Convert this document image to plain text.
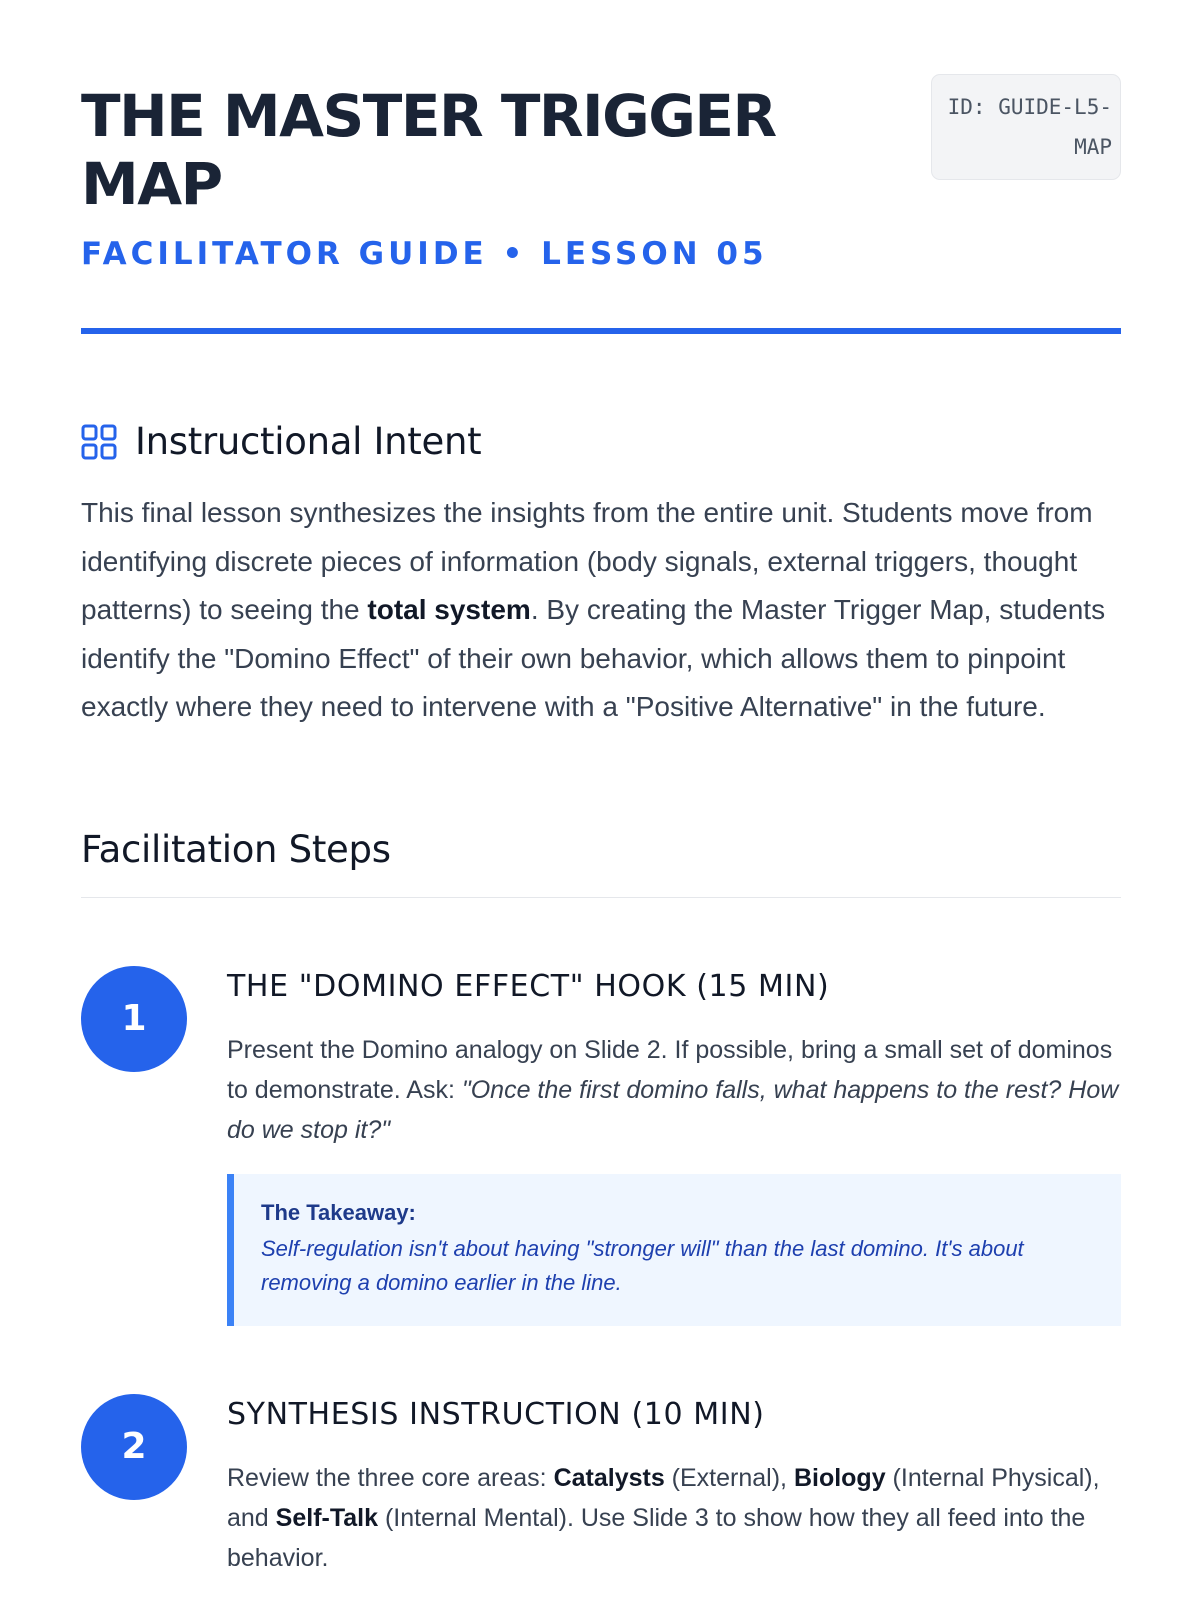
THE MASTER TRIGGER MAP
FACILITATOR GUIDE • LESSON 05
ID: GUIDE-L5-MAP
Instructional Intent

This final lesson synthesizes the insights from the entire unit. Students move from identifying discrete pieces of information (body signals, external triggers, thought patterns) to seeing the total system. By creating the Master Trigger Map, students identify the "Domino Effect" of their own behavior, which allows them to pinpoint exactly where they need to intervene with a "Positive Alternative" in the future.

Facilitation Steps
1
THE "DOMINO EFFECT" HOOK (15 MIN)

Present the Domino analogy on Slide 2. If possible, bring a small set of dominos to demonstrate. Ask: "Once the first domino falls, what happens to the rest? How do we stop it?"

The Takeaway:
Self-regulation isn't about having "stronger will" than the last domino. It's about removing a domino earlier in the line.
2
SYNTHESIS INSTRUCTION (10 MIN)

Review the three core areas: Catalysts (External), Biology (Internal Physical), and Self-Talk (Internal Mental). Use Slide 3 to show how they all feed into the behavior.
